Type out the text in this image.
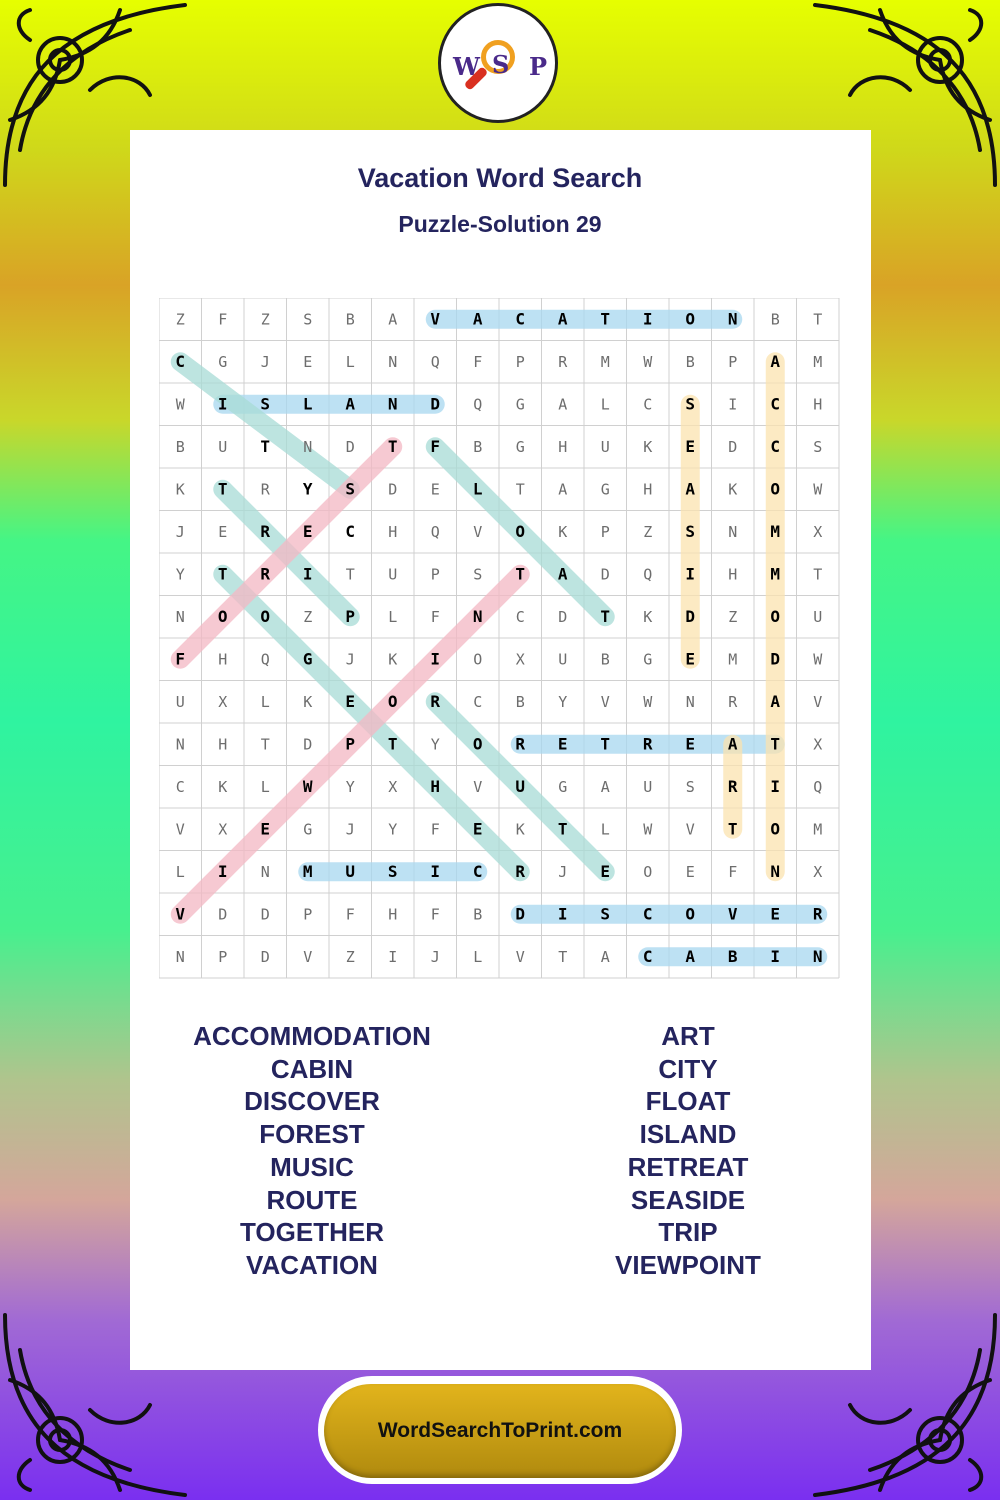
W S P
Vacation Word Search
Puzzle-Solution 29
Z F Z S B A V A C A T I O N B T
C G J E L N Q F P R M W B P A M
W I S L A N D Q G A L C S I C H
B U T N D T F B G H U K E D C S
K T R Y S D E L T A G H A K O W
J E R E C H Q V O K P Z S N M X
Y T R I T U P S T A D Q I H M T
N O O Z P L F N C D T K D Z O U
F H Q G J K I O X U B G E M D W
U X L K E O R C B Y V W N R A V
N H T D P T Y O R E T R E A T X
C K L W Y X H V U G A U S R I Q
V X E G J Y F E K T L W V T O M
L I N M U S I C R J E O E F N X
V D D P F H F B D I S C O V E R
N P D V Z I J L V T A C A B I N
ACCOMMODATION
CABIN
DISCOVER
FOREST
MUSIC
ROUTE
TOGETHER
VACATION
ART
CITY
FLOAT
ISLAND
RETREAT
SEASIDE
TRIP
VIEWPOINT
WordSearchToPrint.com
